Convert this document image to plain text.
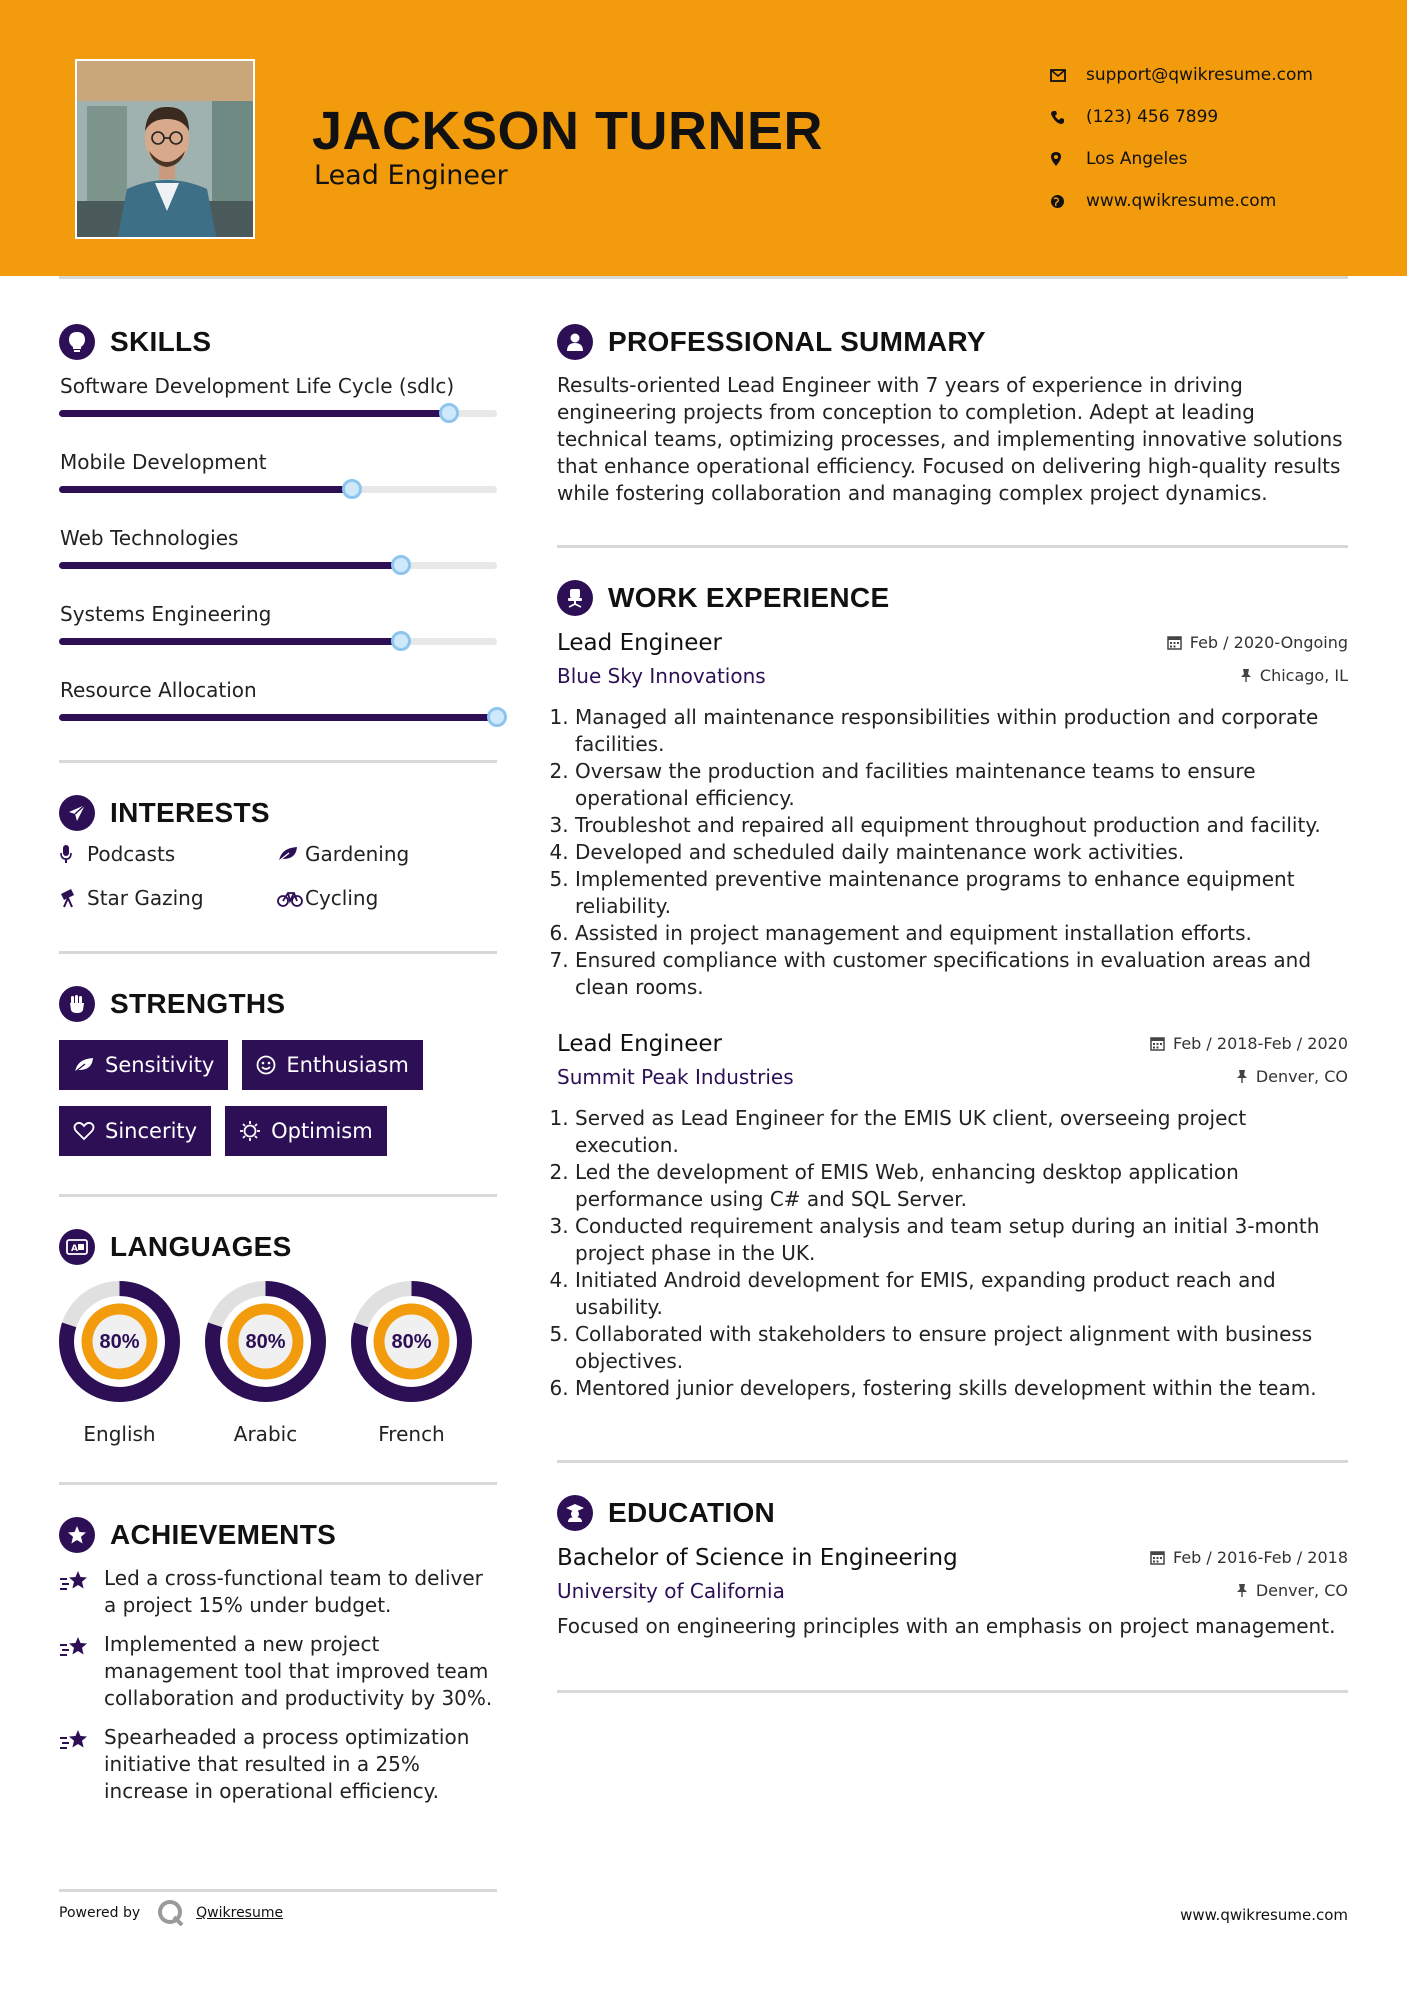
JACKSON TURNER
Lead Engineer
support@qwikresume.com
(123) 456 7899
Los Angeles
www.qwikresume.com
SKILLS
Software Development Life Cycle (sdlc)
Mobile Development
Web Technologies
Systems Engineering
Resource Allocation
INTERESTS
Podcasts	Gardening
Star Gazing	Cycling
STRENGTHS
Sensitivity	Enthusiasm
Sincerity	Optimism
A LANGUAGES
80%
English
80%
Arabic
80%
French
ACHIEVEMENTS
Led a cross-functional team to deliver a project 15% under budget.
Implemented a new project management tool that improved team collaboration and productivity by 30%.
Spearheaded a process optimization initiative that resulted in a 25% increase in operational efficiency.
PROFESSIONAL SUMMARY

Results-oriented Lead Engineer with 7 years of experience in driving engineering projects from conception to completion. Adept at leading technical teams, optimizing processes, and implementing innovative solutions that enhance operational efficiency. Focused on delivering high-quality results while fostering collaboration and managing complex project dynamics.

WORK EXPERIENCE
Lead Engineer	Feb / 2020-Ongoing
Blue Sky Innovations	Chicago, IL
1. Managed all maintenance responsibilities within production and corporate facilities.
2. Oversaw the production and facilities maintenance teams to ensure operational efficiency.
3. Troubleshot and repaired all equipment throughout production and facility.
4. Developed and scheduled daily maintenance work activities.
5. Implemented preventive maintenance programs to enhance equipment reliability.
6. Assisted in project management and equipment installation efforts.
7. Ensured compliance with customer specifications in evaluation areas and clean rooms.
Lead Engineer	Feb / 2018-Feb / 2020
Summit Peak Industries	Denver, CO
1. Served as Lead Engineer for the EMIS UK client, overseeing project execution.
2. Led the development of EMIS Web, enhancing desktop application performance using C# and SQL Server.
3. Conducted requirement analysis and team setup during an initial 3-month project phase in the UK.
4. Initiated Android development for EMIS, expanding product reach and usability.
5. Collaborated with stakeholders to ensure project alignment with business objectives.
6. Mentored junior developers, fostering skills development within the team.
EDUCATION
Bachelor of Science in Engineering	Feb / 2016-Feb / 2018
University of California	Denver, CO

Focused on engineering principles with an emphasis on project management.

Powered by	Qwikresume	www.qwikresume.com
